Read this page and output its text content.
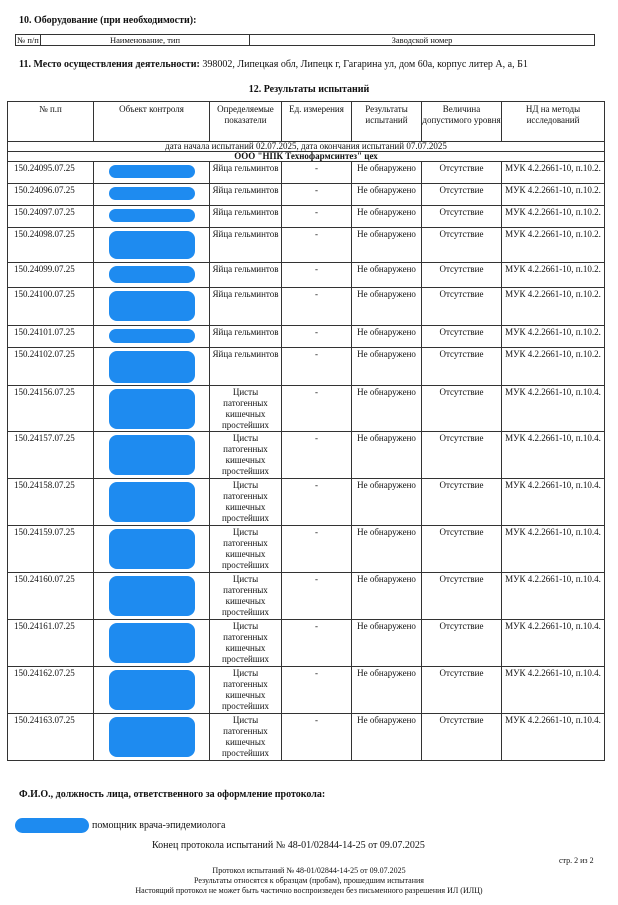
10. Оборудование (при необходимости):
№ п/п	Наименование, тип	Заводской номер
11. Место осуществления деятельности: 398002, Липецкая обл, Липецк г, Гагарина ул, дом 60а, корпус литер А, а, Б1
12. Результаты испытаний
№ п.п	Объект контроля	Определяемые показатели	Ед. измерения	Результаты испытаний	Величина допустимого уровня	НД на методы исследований
дата начала испытаний 02.07.2025, дата окончания испытаний 07.07.2025						
ООО "НПК Технофармсинтез" цех						
150.24095.07.25		Яйца гельминтов	-	Не обнаружено	Отсутствие	МУК 4.2.2661-10, п.10.2.
150.24096.07.25		Яйца гельминтов	-	Не обнаружено	Отсутствие	МУК 4.2.2661-10, п.10.2.
150.24097.07.25		Яйца гельминтов	-	Не обнаружено	Отсутствие	МУК 4.2.2661-10, п.10.2.
150.24098.07.25		Яйца гельминтов	-	Не обнаружено	Отсутствие	МУК 4.2.2661-10, п.10.2.
150.24099.07.25		Яйца гельминтов	-	Не обнаружено	Отсутствие	МУК 4.2.2661-10, п.10.2.
150.24100.07.25		Яйца гельминтов	-	Не обнаружено	Отсутствие	МУК 4.2.2661-10, п.10.2.
150.24101.07.25		Яйца гельминтов	-	Не обнаружено	Отсутствие	МУК 4.2.2661-10, п.10.2.
150.24102.07.25		Яйца гельминтов	-	Не обнаружено	Отсутствие	МУК 4.2.2661-10, п.10.2.
150.24156.07.25		Цисты патогенных кишечных простейших	-	Не обнаружено	Отсутствие	МУК 4.2.2661-10, п.10.4.
150.24157.07.25		Цисты патогенных кишечных простейших	-	Не обнаружено	Отсутствие	МУК 4.2.2661-10, п.10.4.
150.24158.07.25		Цисты патогенных кишечных простейших	-	Не обнаружено	Отсутствие	МУК 4.2.2661-10, п.10.4.
150.24159.07.25		Цисты патогенных кишечных простейших	-	Не обнаружено	Отсутствие	МУК 4.2.2661-10, п.10.4.
150.24160.07.25		Цисты патогенных кишечных простейших	-	Не обнаружено	Отсутствие	МУК 4.2.2661-10, п.10.4.
150.24161.07.25		Цисты патогенных кишечных простейших	-	Не обнаружено	Отсутствие	МУК 4.2.2661-10, п.10.4.
150.24162.07.25		Цисты патогенных кишечных простейших	-	Не обнаружено	Отсутствие	МУК 4.2.2661-10, п.10.4.
150.24163.07.25		Цисты патогенных кишечных простейших	-	Не обнаружено	Отсутствие	МУК 4.2.2661-10, п.10.4.
Ф.И.О., должность лица, ответственного за оформление протокола:
помощник врача-эпидемиолога
Конец протокола испытаний № 48-01/02844-14-25 от 09.07.2025
стр. 2 из 2
Протокол испытаний № 48-01/02844-14-25 от 09.07.2025
Результаты относятся к образцам (пробам), прошедшим испытания
Настоящий протокол не может быть частично воспроизведен без письменного разрешения ИЛ (ИЛЦ)
